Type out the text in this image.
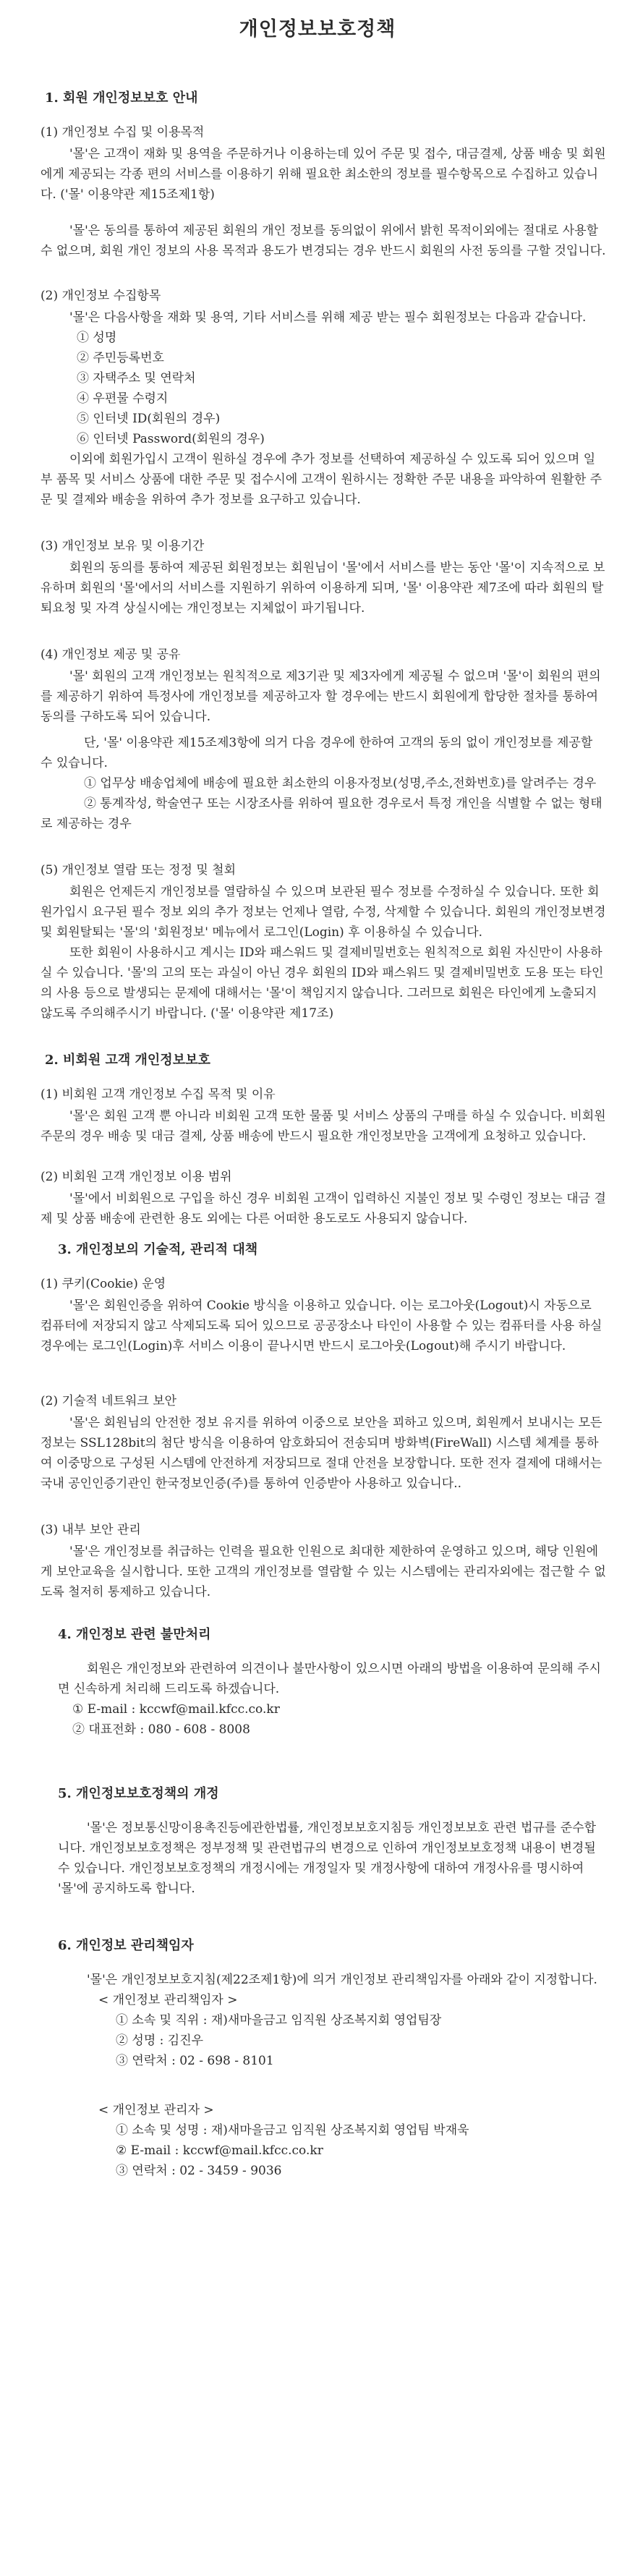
개인정보보호정책
1. 회원 개인정보보호 안내

(1) 개인정보 수집 및 이용목적

'몰'은 고객이 재화 및 용역을 주문하거나 이용하는데 있어 주문 및 접수, 대금결제, 상품 배송 및 회원에게 제공되는 각종 편의 서비스를 이용하기 위해 필요한 최소한의 정보를 필수항목으로 수집하고 있습니다. ('몰' 이용약관 제15조제1항)

'몰'은 동의를 통하여 제공된 회원의 개인 정보를 동의없이 위에서 밝힌 목적이외에는 절대로 사용할 수 없으며, 회원 개인 정보의 사용 목적과 용도가 변경되는 경우 반드시 회원의 사전 동의를 구할 것입니다.

(2) 개인정보 수집항목

'몰'은 다음사항을 재화 및 용역, 기타 서비스를 위해 제공 받는 필수 회원정보는 다음과 같습니다.

① 성명
② 주민등록번호
③ 자택주소 및 연락처
④ 우편물 수령지
⑤ 인터넷 ID(회원의 경우)
⑥ 인터넷 Password(회원의 경우)

이외에 회원가입시 고객이 원하실 경우에 추가 정보를 선택하여 제공하실 수 있도록 되어 있으며 일부 품목 및 서비스 상품에 대한 주문 및 접수시에 고객이 원하시는 정확한 주문 내용을 파악하여 원활한 주문 및 결제와 배송을 위하여 추가 정보를 요구하고 있습니다.

(3) 개인정보 보유 및 이용기간

회원의 동의를 통하여 제공된 회원정보는 회원님이 '몰'에서 서비스를 받는 동안 '몰'이 지속적으로 보유하며 회원의 '몰'에서의 서비스를 지원하기 위하여 이용하게 되며, '몰' 이용약관 제7조에 따라 회원의 탈퇴요청 및 자격 상실시에는 개인정보는 지체없이 파기됩니다.

(4) 개인정보 제공 및 공유

'몰' 회원의 고객 개인정보는 원칙적으로 제3기관 및 제3자에게 제공될 수 없으며 '몰'이 회원의 편의를 제공하기 위하여 특정사에 개인정보를 제공하고자 할 경우에는 반드시 회원에게 합당한 절차를 통하여 동의를 구하도록 되어 있습니다.

단, '몰' 이용약관 제15조제3항에 의거 다음 경우에 한하여 고객의 동의 없이 개인정보를 제공할 수 있습니다.

① 업무상 배송업체에 배송에 필요한 최소한의 이용자정보(성명,주소,전화번호)를 알려주는 경우
② 통계작성, 학술연구 또는 시장조사를 위하여 필요한 경우로서 특정 개인을 식별할 수 없는 형태로 제공하는 경우

(5) 개인정보 열람 또는 정정 및 철회

회원은 언제든지 개인정보를 열람하실 수 있으며 보관된 필수 정보를 수정하실 수 있습니다. 또한 회원가입시 요구된 필수 정보 외의 추가 정보는 언제나 열람, 수정, 삭제할 수 있습니다. 회원의 개인정보변경 및 회원탈퇴는 '몰'의 '회원정보' 메뉴에서 로그인(Login) 후 이용하실 수 있습니다.

또한 회원이 사용하시고 계시는 ID와 패스워드 및 결제비밀번호는 원칙적으로 회원 자신만이 사용하실 수 있습니다. '몰'의 고의 또는 과실이 아닌 경우 회원의 ID와 패스워드 및 결제비밀번호 도용 또는 타인의 사용 등으로 발생되는 문제에 대해서는 '몰'이 책임지지 않습니다. 그러므로 회원은 타인에게 노출되지 않도록 주의해주시기 바랍니다. ('몰' 이용약관 제17조)

2. 비회원 고객 개인정보보호

(1) 비회원 고객 개인정보 수집 목적 및 이유

'몰'은 회원 고객 뿐 아니라 비회원 고객 또한 물품 및 서비스 상품의 구매를 하실 수 있습니다. 비회원 주문의 경우 배송 및 대금 결제, 상품 배송에 반드시 필요한 개인정보만을 고객에게 요청하고 있습니다.

(2) 비회원 고객 개인정보 이용 범위

'몰'에서 비회원으로 구입을 하신 경우 비회원 고객이 입력하신 지불인 정보 및 수령인 정보는 대금 결제 및 상품 배송에 관련한 용도 외에는 다른 어떠한 용도로도 사용되지 않습니다.

3. 개인정보의 기술적, 관리적 대책

(1) 쿠키(Cookie) 운영

'몰'은 회원인증을 위하여 Cookie 방식을 이용하고 있습니다. 이는 로그아웃(Logout)시 자동으로 컴퓨터에 저장되지 않고 삭제되도록 되어 있으므로 공공장소나 타인이 사용할 수 있는 컴퓨터를 사용 하실 경우에는 로그인(Login)후 서비스 이용이 끝나시면 반드시 로그아웃(Logout)해 주시기 바랍니다.

(2) 기술적 네트워크 보안

'몰'은 회원님의 안전한 정보 유지를 위하여 이중으로 보안을 꾀하고 있으며, 회원께서 보내시는 모든 정보는 SSL128bit의 첨단 방식을 이용하여 암호화되어 전송되며 방화벽(FireWall) 시스템 체계를 통하여 이중망으로 구성된 시스템에 안전하게 저장되므로 절대 안전을 보장합니다. 또한 전자 결제에 대해서는 국내 공인인증기관인 한국정보인증(주)를 통하여 인증받아 사용하고 있습니다..

(3) 내부 보안 관리

'몰'은 개인정보를 취급하는 인력을 필요한 인원으로 최대한 제한하여 운영하고 있으며, 해당 인원에게 보안교육을 실시합니다. 또한 고객의 개인정보를 열람할 수 있는 시스템에는 관리자외에는 접근할 수 없도록 철저히 통제하고 있습니다.

4. 개인정보 관련 불만처리

회원은 개인정보와 관련하여 의견이나 불만사항이 있으시면 아래의 방법을 이용하여 문의해 주시면 신속하게 처리해 드리도록 하겠습니다.

① E-mail : kccwf@mail.kfcc.co.kr
② 대표전화 : 080 - 608 - 8008
5. 개인정보보호정책의 개정

'몰'은 정보통신망이용촉진등에관한법률, 개인정보보호지침등 개인정보보호 관련 법규를 준수합니다. 개인정보보호정책은 정부정책 및 관련법규의 변경으로 인하여 개인정보보호정책 내용이 변경될 수 있습니다. 개인정보보호정책의 개정시에는 개정일자 및 개정사항에 대하여 개정사유를 명시하여 '몰'에 공지하도록 합니다.

6. 개인정보 관리책임자

'몰'은 개인정보보호지침(제22조제1항)에 의거 개인정보 관리책임자를 아래와 같이 지정합니다.

< 개인정보 관리책임자 >

① 소속 및 직위 : 재)새마을금고 임직원 상조복지회 영업팀장
② 성명 : 김진우
③ 연락처 : 02 - 698 - 8101

< 개인정보 관리자 >

① 소속 및 성명 : 재)새마을금고 임직원 상조복지회 영업팀 박재욱
② E-mail : kccwf@mail.kfcc.co.kr
③ 연락처 : 02 - 3459 - 9036
